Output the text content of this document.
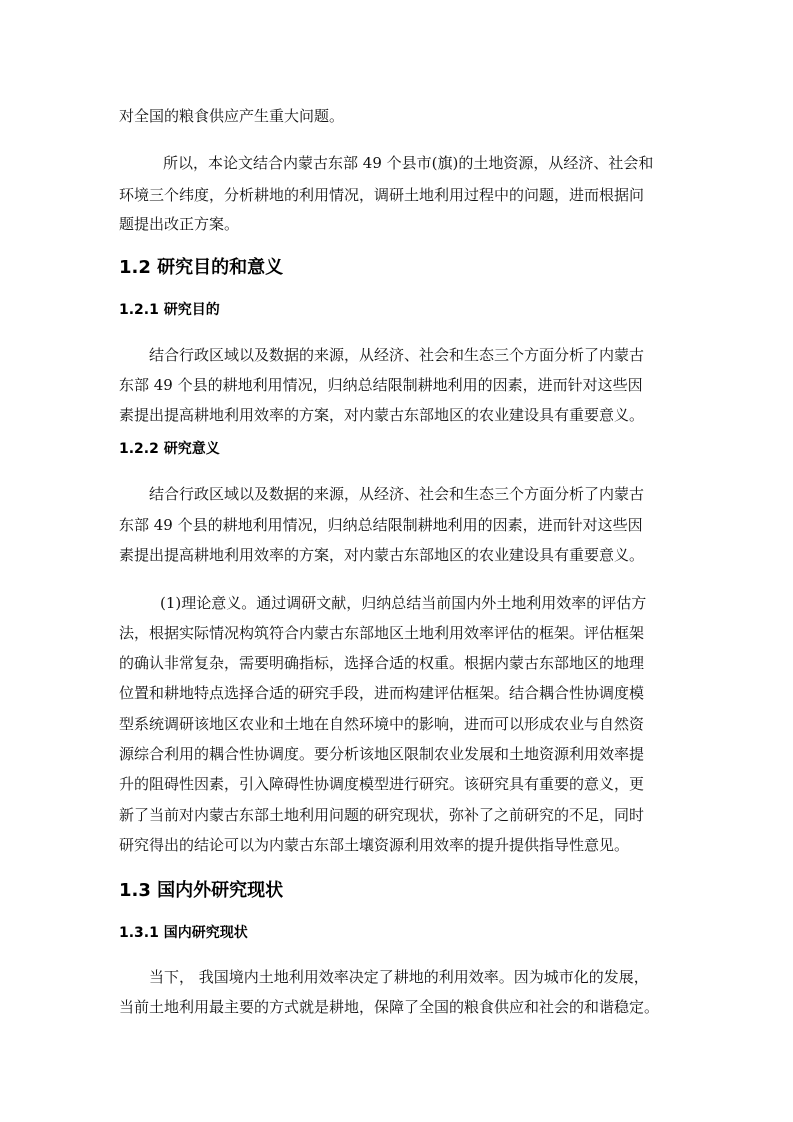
对全国的粮食供应产生重大问题。
所以，本论文结合内蒙古东部 49 个县市(旗)的土地资源，从经济、社会和
环境三个纬度，分析耕地的利用情况，调研土地利用过程中的问题，进而根据问
题提出改正方案。
1.2 研究目的和意义
1.2.1 研究目的
结合行政区域以及数据的来源，从经济、社会和生态三个方面分析了内蒙古
东部 49 个县的耕地利用情况，归纳总结限制耕地利用的因素，进而针对这些因
素提出提高耕地利用效率的方案，对内蒙古东部地区的农业建设具有重要意义。
1.2.2 研究意义
结合行政区域以及数据的来源，从经济、社会和生态三个方面分析了内蒙古
东部 49 个县的耕地利用情况，归纳总结限制耕地利用的因素，进而针对这些因
素提出提高耕地利用效率的方案，对内蒙古东部地区的农业建设具有重要意义。
(1)理论意义。通过调研文献，归纳总结当前国内外土地利用效率的评估方
法，根据实际情况构筑符合内蒙古东部地区土地利用效率评估的框架。评估框架
的确认非常复杂，需要明确指标，选择合适的权重。根据内蒙古东部地区的地理
位置和耕地特点选择合适的研究手段，进而构建评估框架。结合耦合性协调度模
型系统调研该地区农业和土地在自然环境中的影响，进而可以形成农业与自然资
源综合利用的耦合性协调度。要分析该地区限制农业发展和土地资源利用效率提
升的阻碍性因素，引入障碍性协调度模型进行研究。该研究具有重要的意义，更
新了当前对内蒙古东部土地利用问题的研究现状，弥补了之前研究的不足，同时
研究得出的结论可以为内蒙古东部土壤资源利用效率的提升提供指导性意见。
1.3 国内外研究现状
1.3.1 国内研究现状
当下， 我国境内土地利用效率决定了耕地的利用效率。因为城市化的发展，
当前土地利用最主要的方式就是耕地，保障了全国的粮食供应和社会的和谐稳定。
